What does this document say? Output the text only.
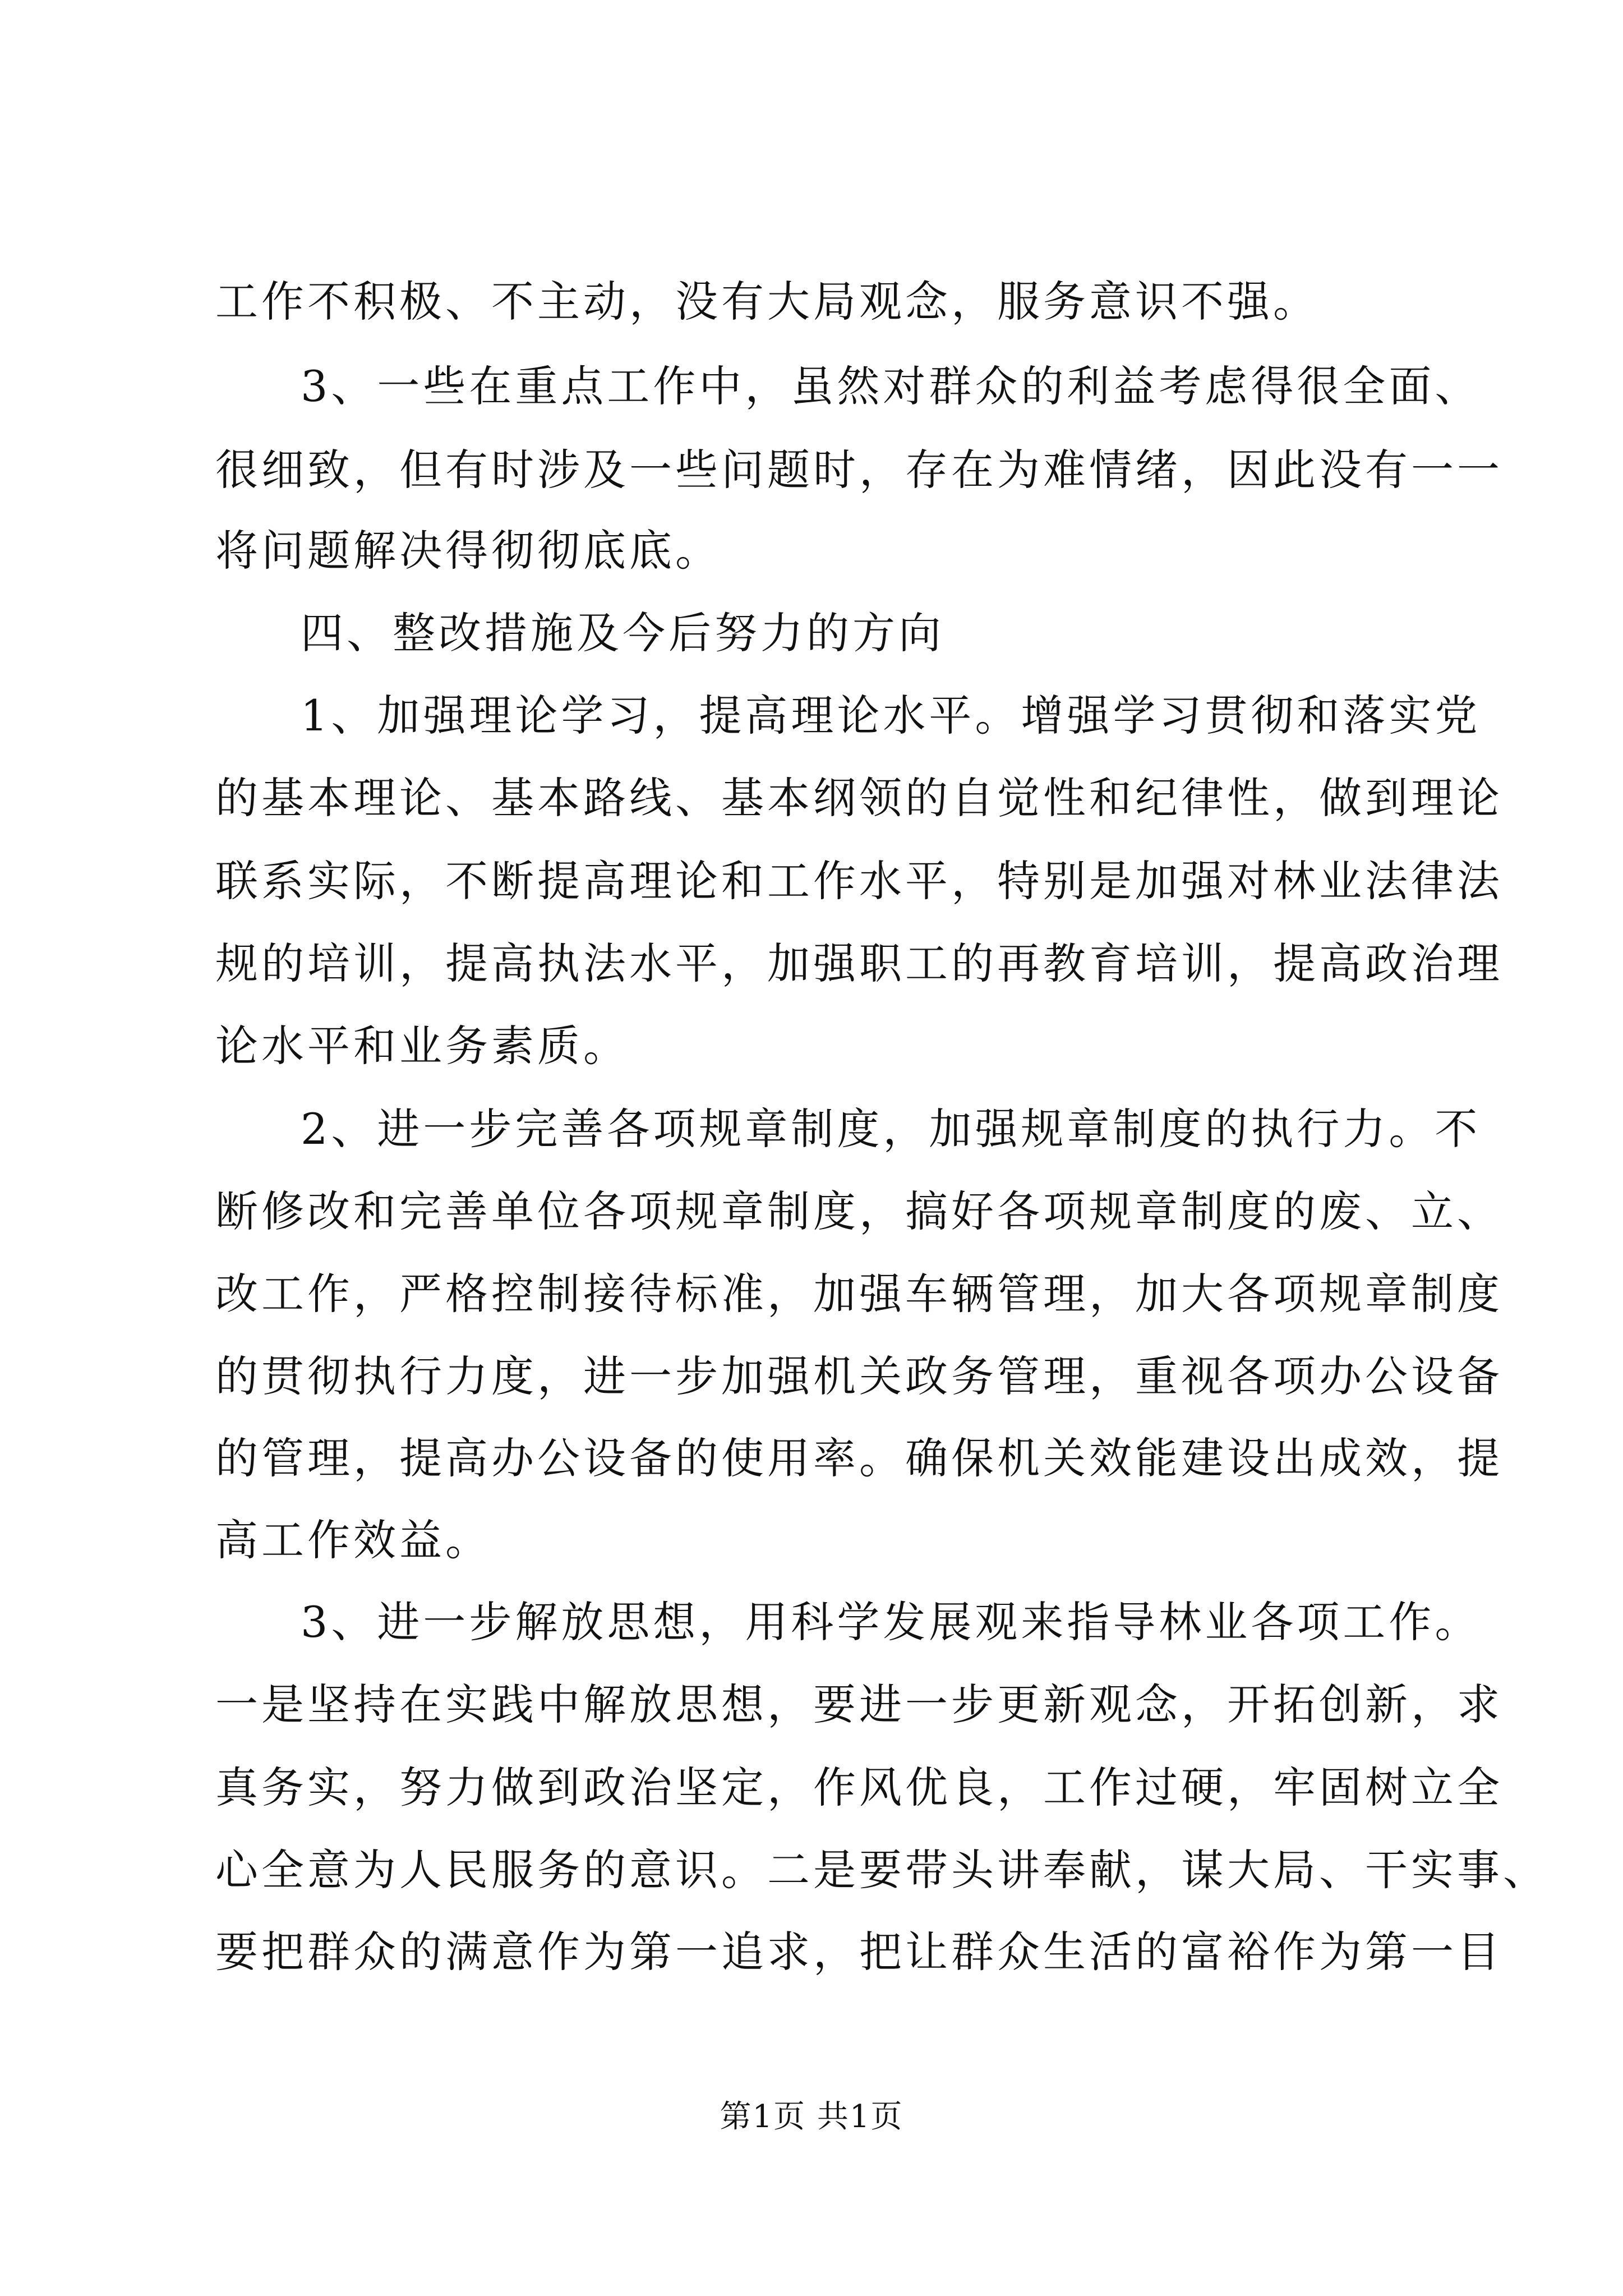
工作不积极、不主动，没有大局观念，服务意识不强。
3、一些在重点工作中，虽然对群众的利益考虑得很全面、
很细致，但有时涉及一些问题时，存在为难情绪，因此没有一一
将问题解决得彻彻底底。
四、整改措施及今后努力的方向
1、加强理论学习，提高理论水平。增强学习贯彻和落实党
的基本理论、基本路线、基本纲领的自觉性和纪律性，做到理论
联系实际，不断提高理论和工作水平，特别是加强对林业法律法
规的培训，提高执法水平，加强职工的再教育培训，提高政治理
论水平和业务素质。
2、进一步完善各项规章制度，加强规章制度的执行力。不
断修改和完善单位各项规章制度，搞好各项规章制度的废、立、
改工作，严格控制接待标准，加强车辆管理，加大各项规章制度
的贯彻执行力度，进一步加强机关政务管理，重视各项办公设备
的管理，提高办公设备的使用率。确保机关效能建设出成效，提
高工作效益。
3、进一步解放思想，用科学发展观来指导林业各项工作。
一是坚持在实践中解放思想，要进一步更新观念，开拓创新，求
真务实，努力做到政治坚定，作风优良，工作过硬，牢固树立全
心全意为人民服务的意识。二是要带头讲奉献，谋大局、干实事、
要把群众的满意作为第一追求，把让群众生活的富裕作为第一目
第1页 共1页
